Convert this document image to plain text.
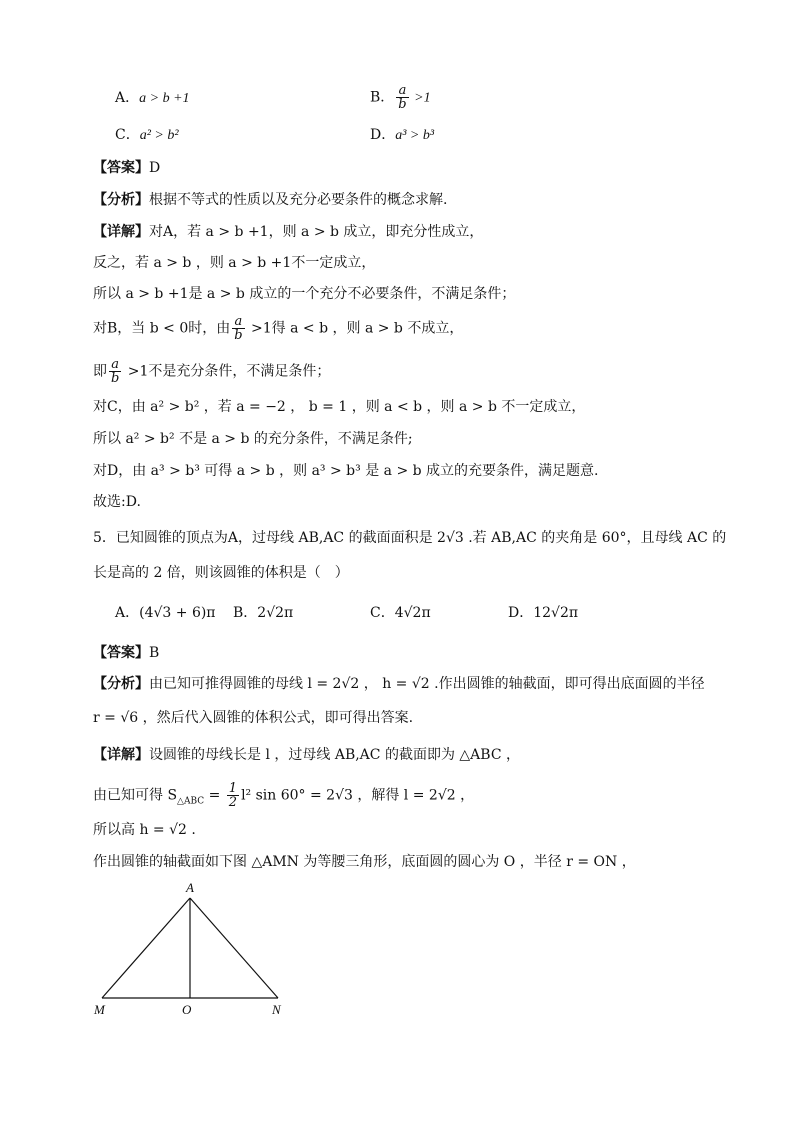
A．a > b +1	B． $\frac{a}{b} >1$
C．a² > b²	D．a³ > b³
【答案】D
【分析】根据不等式的性质以及充分必要条件的概念求解.
【详解】对A，若 a > b +1，则 a > b 成立，即充分性成立，
反之，若 a > b ，则 a > b +1不一定成立，
所以 a > b +1是 a > b 成立的一个充分不必要条件，不满足条件；
对B，当 b < 0时，由 $\frac{a}{b} >1$得 a < b ，则 a > b 不成立，
即 $\frac{a}{b} >1$不是充分条件，不满足条件；
对C，由 a² > b² ，若 a = −2 ， b = 1 ，则 a < b ，则 a > b 不一定成立，
所以 a² > b² 不是 a > b 的充分条件，不满足条件;
对D，由 a³ > b³ 可得 a > b ，则 a³ > b³ 是 a > b 成立的充要条件，满足题意.
故选:D.
5．已知圆锥的顶点为A，过母线 AB,AC 的截面面积是 2√3 .若 AB,AC 的夹角是 60°，且母线 AC 的
长是高的 2 倍，则该圆锥的体积是（　）
A．(4√3 + 6)π B．2√2π	C．4√2π	D．12√2π
【答案】B
【分析】由已知可推得圆锥的母线 l = 2√2 ， h = √2 .作出圆锥的轴截面，即可得出底面圆的半径
r = √6 ，然后代入圆锥的体积公式，即可得出答案.
【详解】设圆锥的母线长是 l ，过母线 AB,AC 的截面即为 △ABC ，
由已知可得 $S_{\triangle ABC} = \frac{1}{2} l^2$ sin 60° = 2√3 ，解得 l = 2√2 ，
所以高 h = √2 .
作出圆锥的轴截面如下图 △AMN 为等腰三角形，底面圆的圆心为 O ，半径 r = ON ，
A
M	O	N
